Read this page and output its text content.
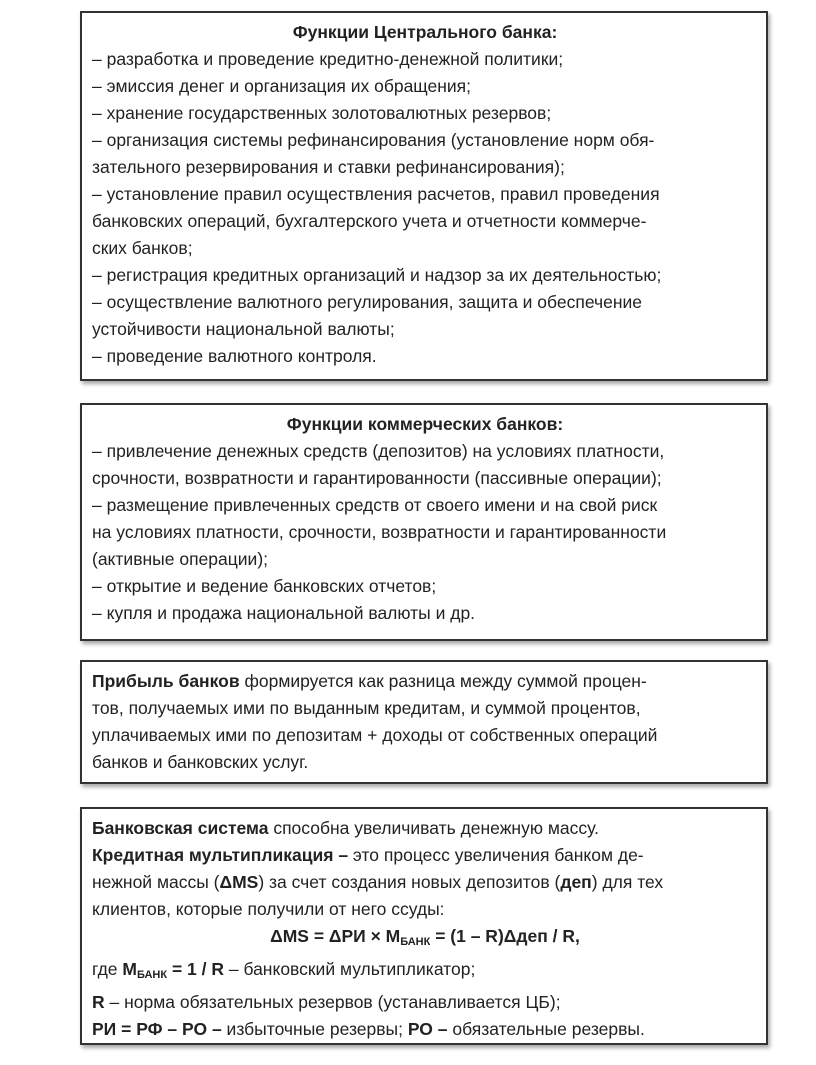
Функции Центрального банка:
– разработка и проведение кредитно-денежной политики;
– эмиссия денег и организация их обращения;
– хранение государственных золотовалютных резервов;
– организация системы рефинансирования (установление норм обя-
зательного резервирования и ставки рефинансирования);
– установление правил осуществления расчетов, правил проведения
банковских операций, бухгалтерского учета и отчетности коммерче-
ских банков;
– регистрация кредитных организаций и надзор за их деятельностью;
– осуществление валютного регулирования, защита и обеспечение
устойчивости национальной валюты;
– проведение валютного контроля.
Функции коммерческих банков:
– привлечение денежных средств (депозитов) на условиях платности,
срочности, возвратности и гарантированности (пассивные операции);
– размещение привлеченных средств от своего имени и на свой риск
на условиях платности, срочности, возвратности и гарантированности
(активные операции);
– открытие и ведение банковских отчетов;
– купля и продажа национальной валюты и др.
Прибыль банков формируется как разница между суммой процен-
тов, получаемых ими по выданным кредитам, и суммой процентов,
уплачиваемых ими по депозитам + доходы от собственных операций
банков и банковских услуг.
Банковская система способна увеличивать денежную массу.
Кредитная мультипликация – это процесс увеличения банком де-
нежной массы (ΔMS) за счет создания новых депозитов (деп) для тех
клиентов, которые получили от него ссуды:
$\Delta MS = \Delta РИ \times M_{БАНК} = (1 - R)\Delta деп / R$,
где $M_{БАНК} = 1 / R$ – банковский мультипликатор;
R – норма обязательных резервов (устанавливается ЦБ);
РИ = РФ – РО – избыточные резервы; РО – обязательные резервы.
